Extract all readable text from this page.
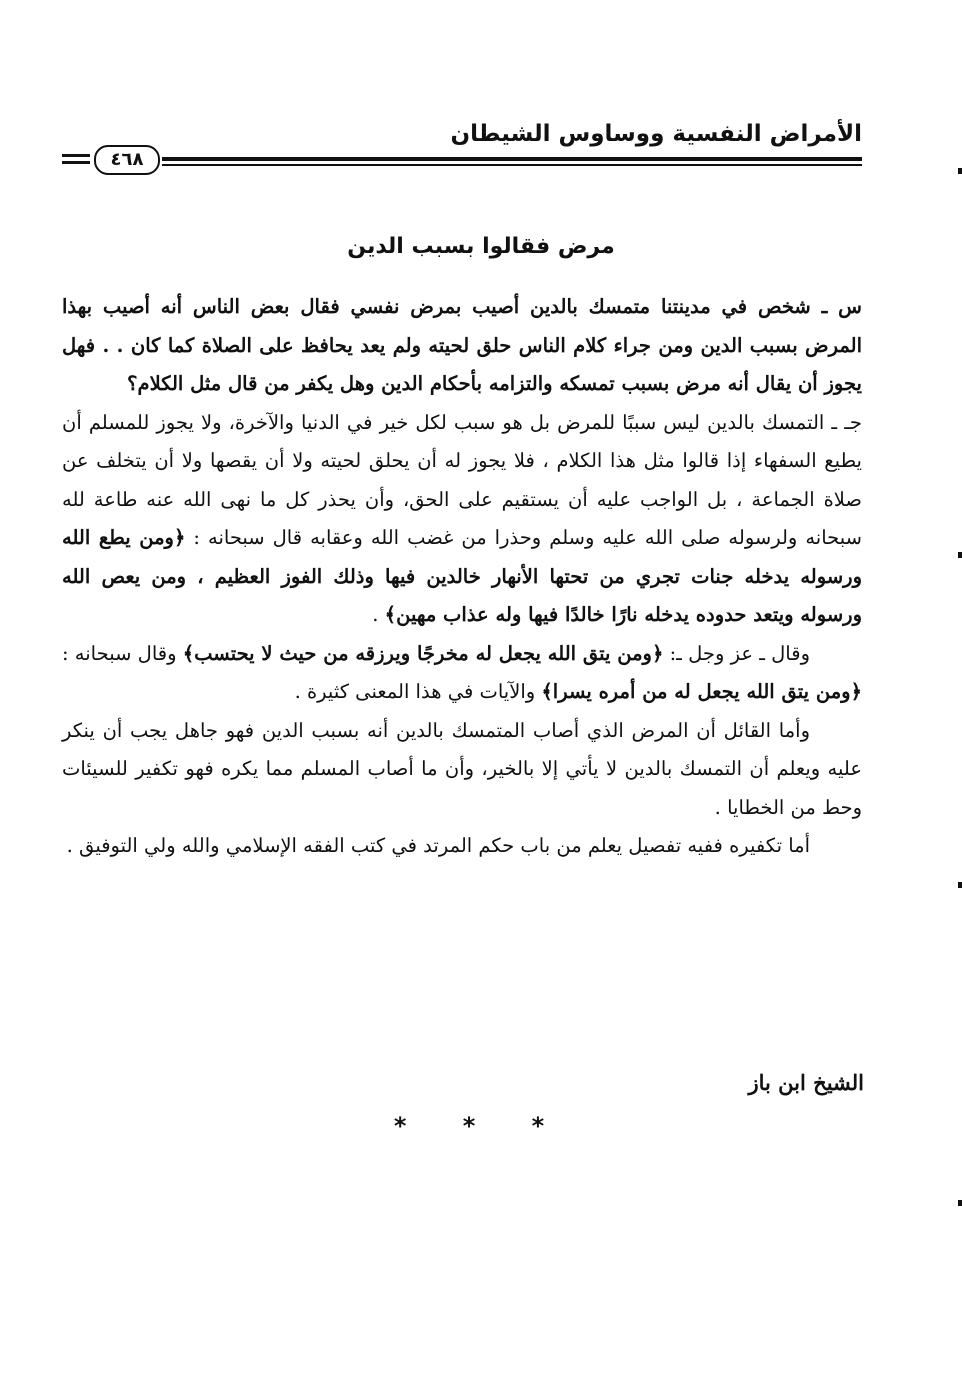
الأمراض النفسية ووساوس الشيطان
٤٦٨
مرض فقالوا بسبب الدين

س ـ شخص في مدينتنا متمسك بالدين أصيب بمرض نفسي فقال بعض الناس أنه أصيب بهذا المرض بسبب الدين ومن جراء كلام الناس حلق لحيته ولم يعد يحافظ على الصلاة كما كان . . فهل يجوز أن يقال أنه مرض بسبب تمسكه والتزامه بأحكام الدين وهل يكفر من قال مثل الكلام؟

جـ ـ التمسك بالدين ليس سببًا للمرض بل هو سبب لكل خير في الدنيا والآخرة، ولا يجوز للمسلم أن يطيع السفهاء إذا قالوا مثل هذا الكلام ، فلا يجوز له أن يحلق لحيته ولا أن يقصها ولا أن يتخلف عن صلاة الجماعة ، بل الواجب عليه أن يستقيم على الحق، وأن يحذر كل ما نهى الله عنه طاعة لله سبحانه ولرسوله صلى الله عليه وسلم وحذرا من غضب الله وعقابه قال سبحانه : ﴿ومن يطع الله ورسوله يدخله جنات تجري من تحتها الأنهار خالدين فيها وذلك الفوز العظيم ، ومن يعص الله ورسوله ويتعد حدوده يدخله نارًا خالدًا فيها وله عذاب مهين﴾ .

وقال ـ عز وجل ـ: ﴿ومن يتق الله يجعل له مخرجًا ويرزقه من حيث لا يحتسب﴾ وقال سبحانه : ﴿ومن يتق الله يجعل له من أمره يسرا﴾ والآيات في هذا المعنى كثيرة .

وأما القائل أن المرض الذي أصاب المتمسك بالدين أنه بسبب الدين فهو جاهل يجب أن ينكر عليه ويعلم أن التمسك بالدين لا يأتي إلا بالخير، وأن ما أصاب المسلم مما يكره فهو تكفير للسيئات وحط من الخطايا .

أما تكفيره ففيه تفصيل يعلم من باب حكم المرتد في كتب الفقه الإسلامي والله ولي التوفيق .

الشيخ ابن باز
* * *
